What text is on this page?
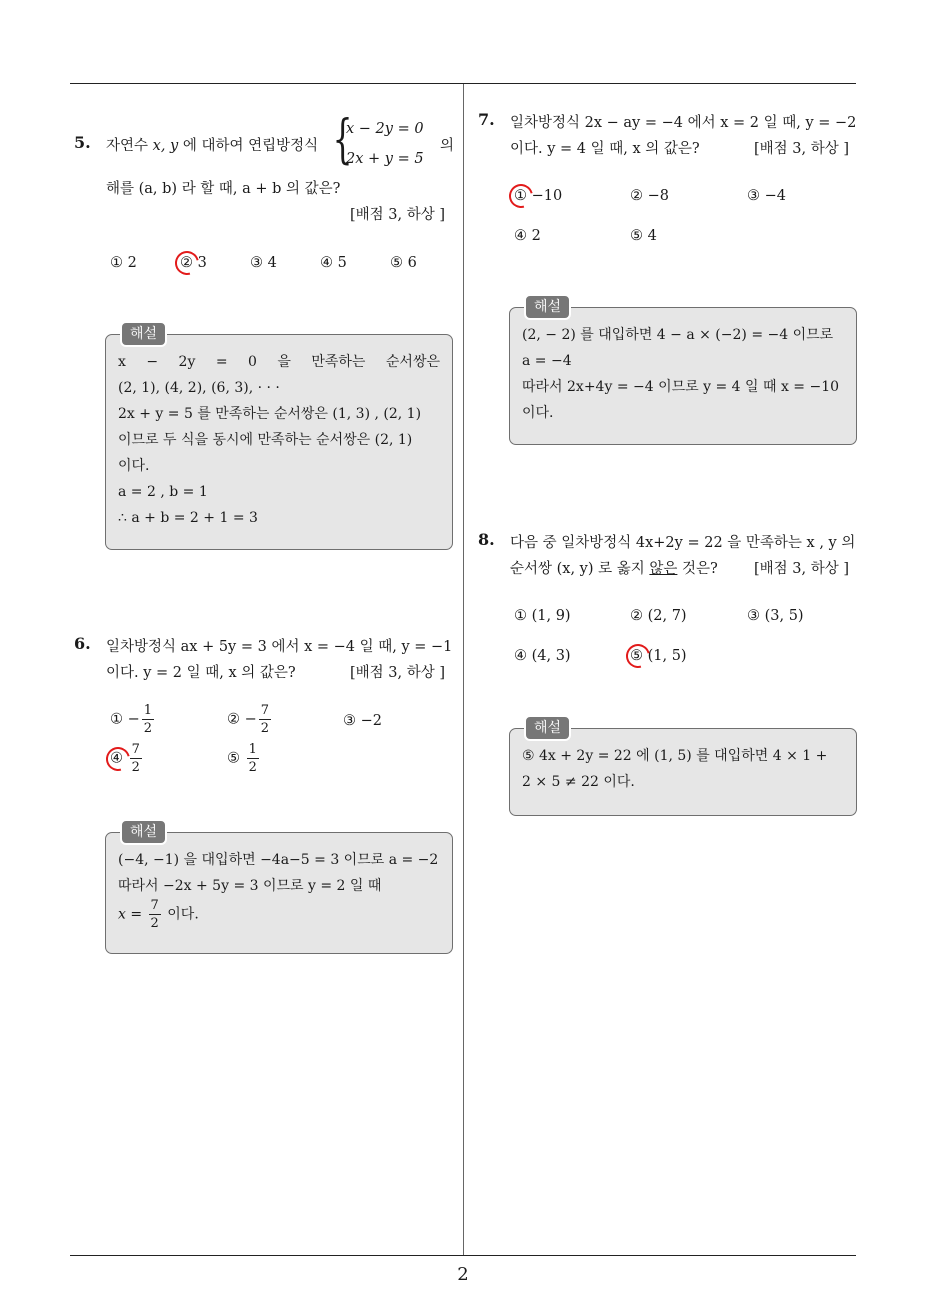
2
5. 자연수 x, y 에 대하여 연립방정식 {
x − 2y = 0
2x + y = 5
의
해를 (a, b) 라 할 때, a + b 의 값은?
[배점 3, 하상 ]
① 2	② 3	③ 4	④ 5	⑤ 6
해설
x − 2y = 0 을 만족하는 순서쌍은
(2, 1), (4, 2), (6, 3), · · ·
2x + y = 5 를 만족하는 순서쌍은 (1, 3) , (2, 1)
이므로 두 식을 동시에 만족하는 순서쌍은 (2, 1)
이다.
a = 2 , b = 1
∴ a + b = 2 + 1 = 3
6. 일차방정식 ax + 5y = 3 에서 x = −4 일 때, y = −1
이다. y = 2 일 때, x 의 값은?	[배점 3, 하상 ]
① − $\frac{1}{2}$	② − $\frac{7}{2}$	③ −2
④ $\frac{7}{2}$	⑤ $\frac{1}{2}$
해설
(−4, −1) 을 대입하면 −4a−5 = 3 이므로 a = −2
따라서 −2x + 5y = 3 이므로 y = 2 일 때
$x = \frac{7}{2}$ 이다.
7. 일차방정식 2x − ay = −4 에서 x = 2 일 때, y = −2
이다. y = 4 일 때, x 의 값은?	[배점 3, 하상 ]
① −10	② −8	③ −4
④ 2	⑤ 4
해설
(2, − 2) 를 대입하면 4 − a × (−2) = −4 이므로
a = −4
따라서 2x+4y = −4 이므로 y = 4 일 때 x = −10
이다.
8. 다음 중 일차방정식 4x+2y = 22 을 만족하는 x , y 의
순서쌍 (x, y) 로 옳지 않은 것은? [배점 3, 하상 ]
① (1, 9)	② (2, 7)	③ (3, 5)
④ (4, 3)	⑤ (1, 5)
해설
⑤ 4x + 2y = 22 에 (1, 5) 를 대입하면 4 × 1 +
2 × 5 ≠ 22 이다.
